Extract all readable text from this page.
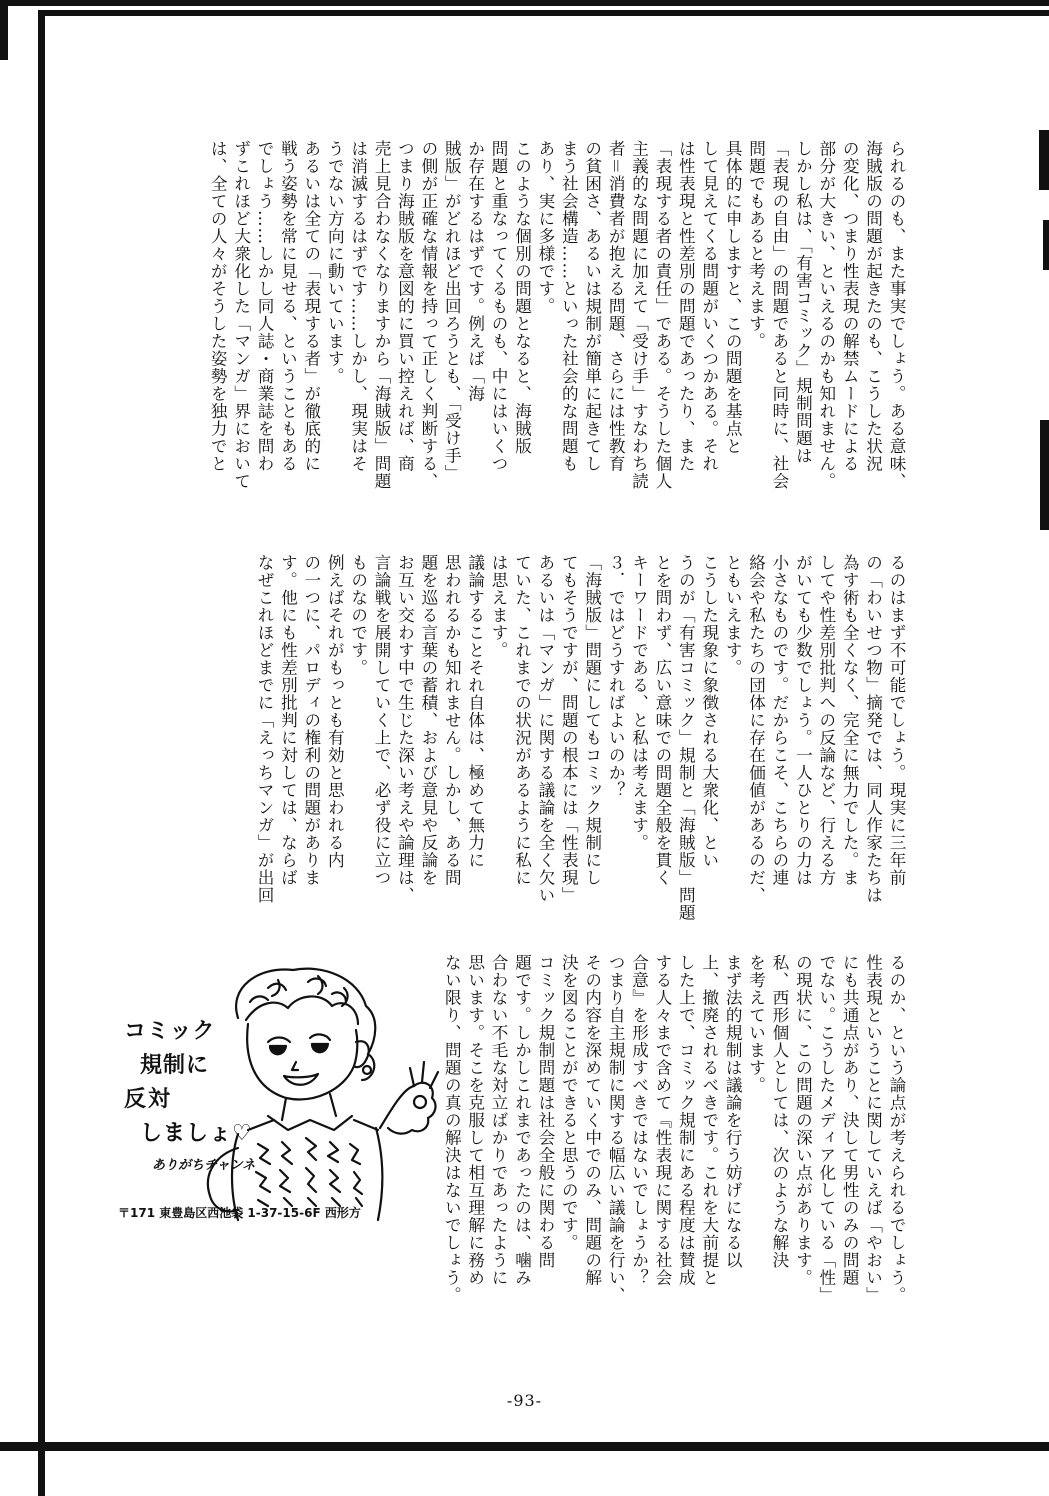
られるのも、また事実でしょう。ある意味、

海賊版の問題が起きたのも、こうした状況

の変化、つまり性表現の解禁ムードによる

部分が大きい、といえるのかも知れません。

しかし私は、「有害コミック」規制問題は

「表現の自由」の問題であると同時に、社会

問題でもあると考えます。

具体的に申しますと、この問題を基点と

して見えてくる問題がいくつかある。それ

は性表現と性差別の問題であったり、また

「表現する者の責任」である。そうした個人

主義的な問題に加えて「受け手」すなわち読

者＝消費者が抱える問題、さらには性教育

の貧困さ、あるいは規制が簡単に起きてし

まう社会構造……といった社会的な問題も

あり、実に多様です。

このような個別の問題となると、海賊版

問題と重なってくるものも、中にはいくつ

か存在するはずです。例えば「海

賊版」がどれほど出回ろうとも、「受け手」

の側が正確な情報を持って正しく判断する、

つまり海賊版を意図的に買い控えれば、商

売上見合わなくなりますから「海賊版」問題

は消滅するはずです……しかし、現実はそ

うでない方向に動いています。

あるいは全ての「表現する者」が徹底的に

戦う姿勢を常に見せる、ということもある

でしょう……しかし同人誌・商業誌を問わ

ずこれほど大衆化した「マンガ」界において

は、全ての人々がそうした姿勢を独力でと

るのはまず不可能でしょう。現実に三年前

の「わいせつ物」摘発では、同人作家たちは

為す術も全くなく、完全に無力でした。ま

してや性差別批判への反論など、行える方

がいても少数でしょう。一人ひとりの力は

小さなものです。だからこそ、こちらの連

絡会や私たちの団体に存在価値があるのだ、

ともいえます。

こうした現象に象徴される大衆化、とい

うのが「有害コミック」規制と「海賊版」問題

とを問わず、広い意味での問題全般を貫く

キーワードである、と私は考えます。

３．ではどうすればよいのか？

「海賊版」問題にしてもコミック規制にし

てもそうですが、問題の根本には「性表現」

あるいは「マンガ」に関する議論を全く欠い

ていた、これまでの状況があるように私に

は思えます。

議論することそれ自体は、極めて無力に

思われるかも知れません。しかし、ある問

題を巡る言葉の蓄積、および意見や反論を

お互い交わす中で生じた深い考えや論理は、

言論戦を展開していく上で、必ず役に立つ

ものなのです。

例えばそれがもっとも有効と思われる内

の一つに、パロディの権利の問題がありま

す。他にも性差別批判に対しては、ならば

なぜこれほどまでに「えっちマンガ」が出回

るのか、という論点が考えられるでしょう。

性表現ということに関していえば「やおい」

にも共通点があり、決して男性のみの問題

でない。こうしたメディア化している「性」

の現状に、この問題の深い点があります。

私、西形個人としては、次のような解決

を考えています。

まず法的規制は議論を行う妨げになる以

上、撤廃されるべきです。これを大前提と

した上で、コミック規制にある程度は賛成

する人々まで含めて『性表現に関する社会

合意』を形成すべきではないでしょうか？

つまり自主規制に関する幅広い議論を行い、

その内容を深めていく中でのみ、問題の解

決を図ることができると思うのです。

コミック規制問題は社会全般に関わる問

題です。しかしこれまであったのは、噛み

合わない不毛な対立ばかりであったように

思います。そこを克服して相互理解に務め

ない限り、問題の真の解決はないでしょう。

コミック
規制に
反対
しましょ♡
ありがちチャンネ
〒171 東豊島区西池袋 1-37-15-6F 西形方
-93-
